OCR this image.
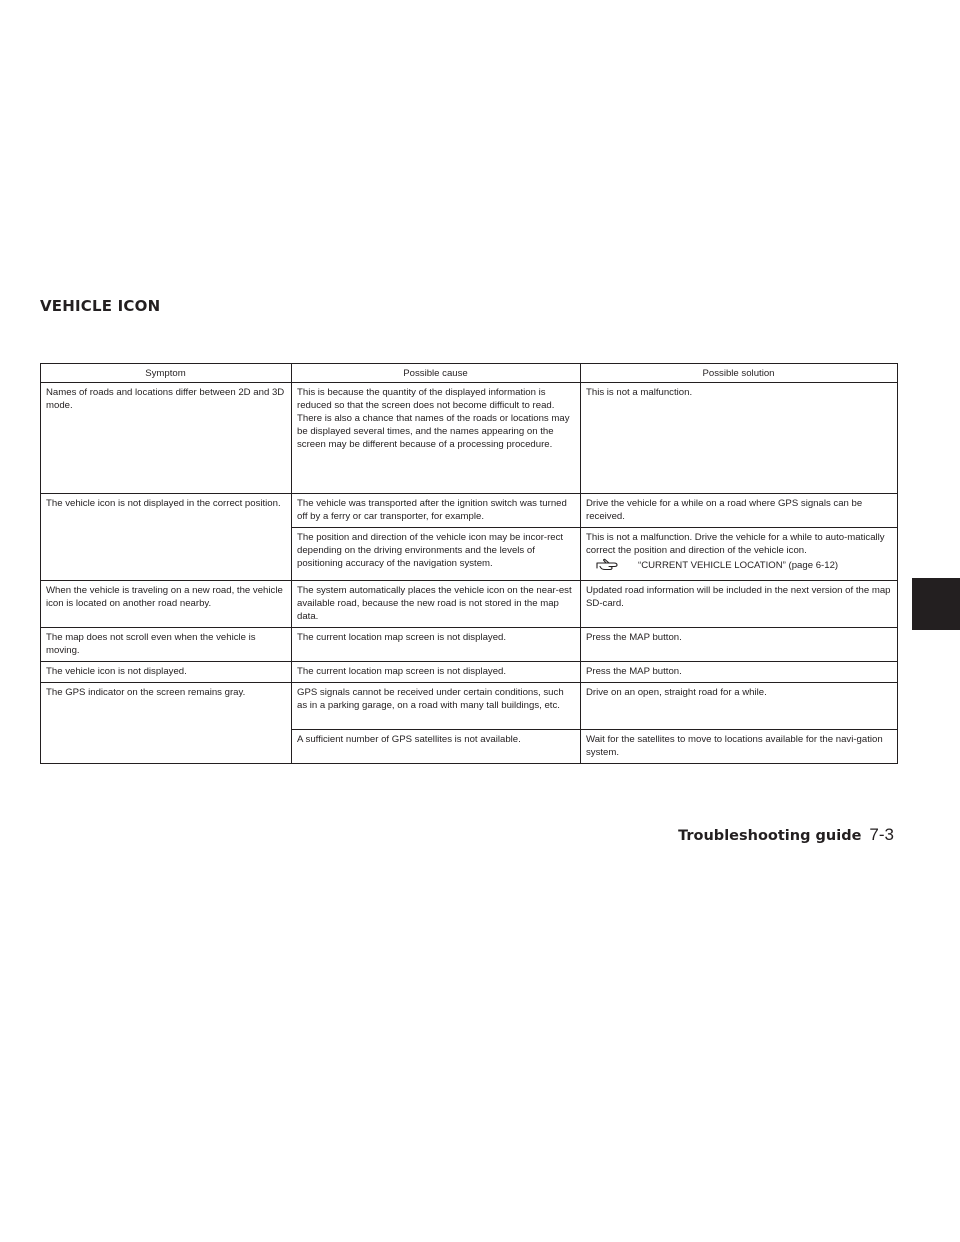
VEHICLE ICON
Symptom	Possible cause	Possible solution
Names of roads and locations differ between 2D and 3D mode.	This is because the quantity of the displayed information is reduced so that the screen does not become difficult to read. There is also a chance that names of the roads or locations may be displayed several times, and the names appearing on the screen may be different because of a processing procedure.	This is not a malfunction.
The vehicle icon is not displayed in the correct position.	The vehicle was transported after the ignition switch was turned off by a ferry or car transporter, for example.	Drive the vehicle for a while on a road where GPS signals can be received.
	The position and direction of the vehicle icon may be incor-rect depending on the driving environments and the levels of positioning accuracy of the navigation system.	This is not a malfunction. Drive the vehicle for a while to auto-matically correct the position and direction of the vehicle icon.
“CURRENT VEHICLE LOCATION” (page 6-12)

When the vehicle is traveling on a new road, the vehicle icon is located on another road nearby.	The system automatically places the vehicle icon on the near-est available road, because the new road is not stored in the map data.	Updated road information will be included in the next version of the map SD-card.
The map does not scroll even when the vehicle is moving.	The current location map screen is not displayed.	Press the MAP button.
The vehicle icon is not displayed.	The current location map screen is not displayed.	Press the MAP button.
The GPS indicator on the screen remains gray.	GPS signals cannot be received under certain conditions, such as in a parking garage, on a road with many tall buildings, etc.	Drive on an open, straight road for a while.
	A sufficient number of GPS satellites is not available.	Wait for the satellites to move to locations available for the navi-gation system.
Troubleshooting guide 7-3
